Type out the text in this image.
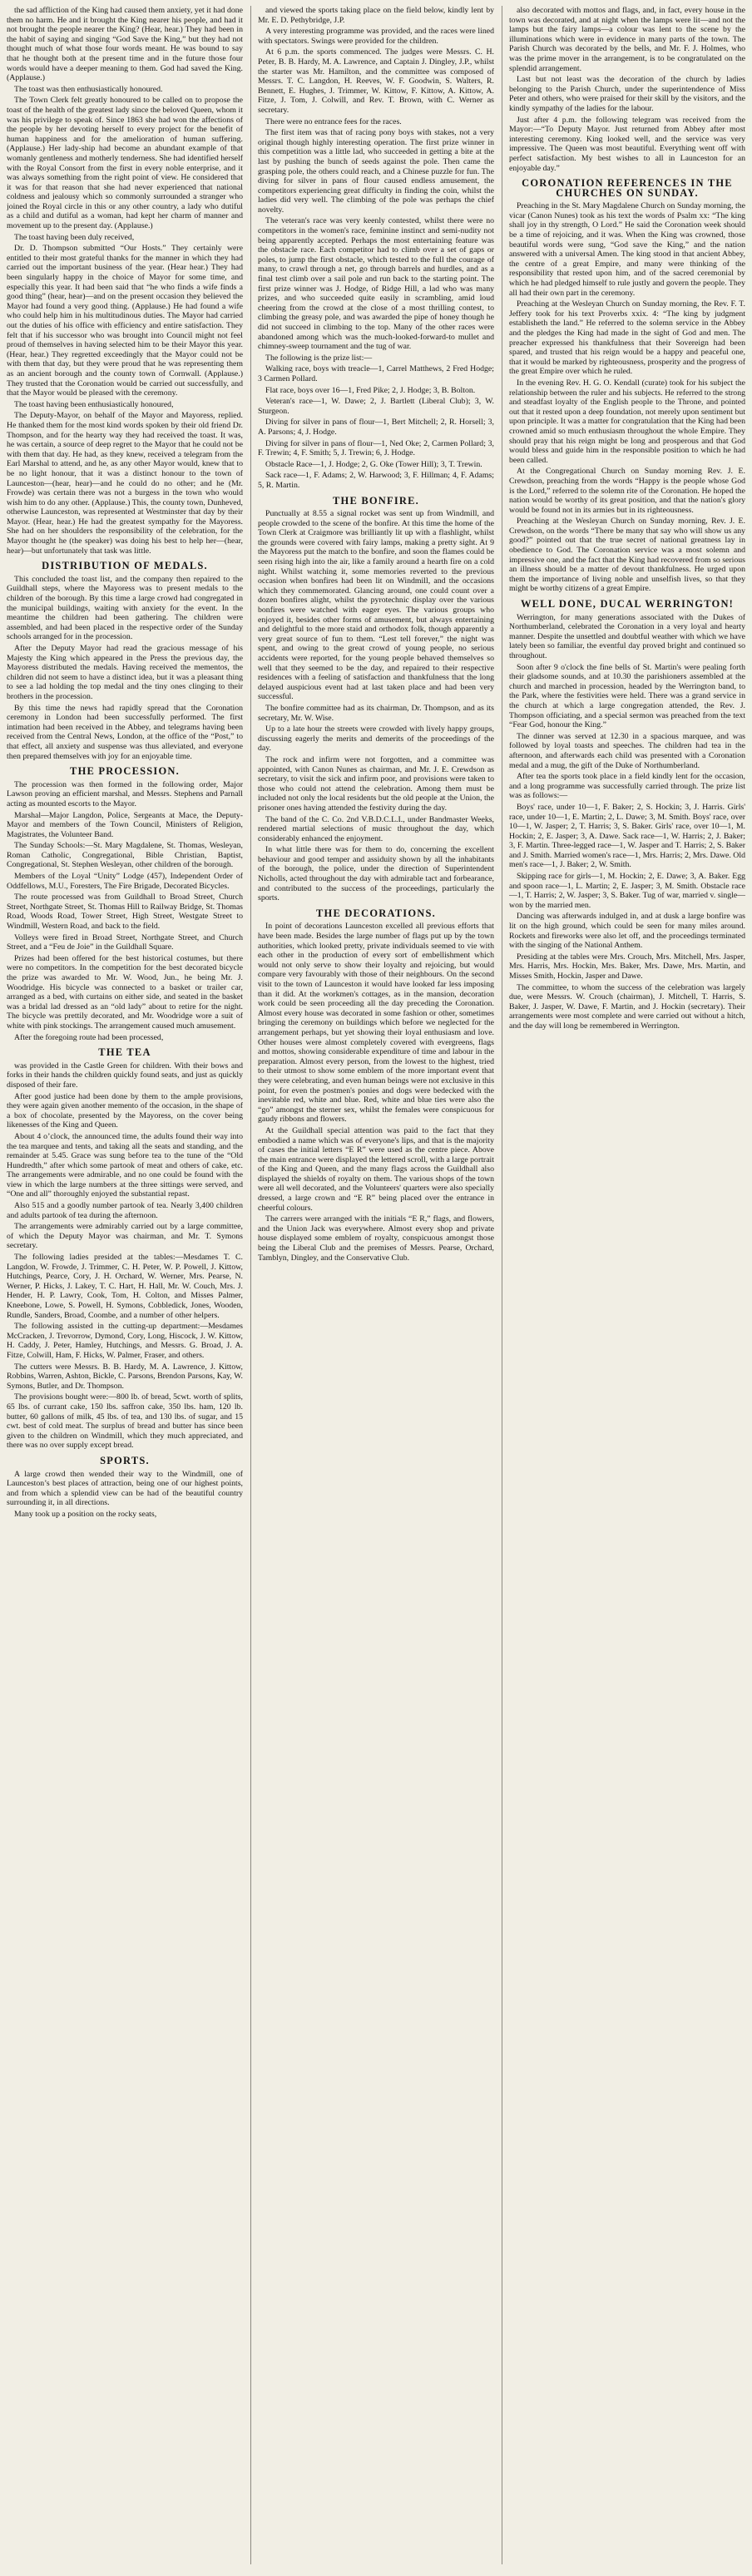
the sad affliction of the King had caused them anxiety, yet it had done them no harm. He and it brought the King nearer his people, and had it not brought the people nearer the King? (Hear, hear.) They had been in the habit of saying and singing “God Save the King,” but they had not thought much of what those four words meant. He was bound to say that he thought both at the present time and in the future those four words would have a deeper meaning to them. God had saved the King. (Applause.)

The toast was then enthusiastically honoured.

The Town Clerk felt greatly honoured to be called on to propose the toast of the health of the greatest lady since the beloved Queen, whom it was his privilege to speak of. Since 1863 she had won the affections of the people by her devoting herself to every project for the benefit of human happiness and for the amelioration of human suffering. (Applause.) Her lady-ship had become an abundant example of that womanly gentleness and motherly tenderness. She had identified herself with the Royal Consort from the first in every noble enterprise, and it was always something from the right point of view. He considered that it was for that reason that she had never experienced that national coldness and jealousy which so commonly surrounded a stranger who joined the Royal circle in this or any other country, a lady who dutiful as a child and dutiful as a woman, had kept her charm of manner and movement up to the present day. (Applause.)

The toast having been duly received,

Dr. D. Thompson submitted “Our Hosts.” They certainly were entitled to their most grateful thanks for the manner in which they had carried out the important business of the year. (Hear hear.) They had been singularly happy in the choice of Mayor for some time, and especially this year. It had been said that “he who finds a wife finds a good thing” (hear, hear)—and on the present occasion they believed the Mayor had found a very good thing. (Applause.) He had found a wife who could help him in his multitudinous duties. The Mayor had carried out the duties of his office with efficiency and entire satisfaction. They felt that if his successor who was brought into Council might not feel proud of themselves in having selected him to be their Mayor this year. (Hear, hear.) They regretted exceedingly that the Mayor could not be with them that day, but they were proud that he was representing them as an ancient borough and the county town of Cornwall. (Applause.) They trusted that the Coronation would be carried out successfully, and that the Mayor would be pleased with the ceremony.

The toast having been enthusiastically honoured,

The Deputy-Mayor, on behalf of the Mayor and Mayoress, replied. He thanked them for the most kind words spoken by their old friend Dr. Thompson, and for the hearty way they had received the toast. It was, he was certain, a source of deep regret to the Mayor that he could not be with them that day. He had, as they knew, received a telegram from the Earl Marshal to attend, and he, as any other Mayor would, knew that to be no light honour, that it was a distinct honour to the town of Launceston—(hear, hear)—and he could do no other; and he (Mr. Frowde) was certain there was not a burgess in the town who would wish him to do any other. (Applause.) This, the county town, Dunheved, otherwise Launceston, was represented at Westminster that day by their Mayor. (Hear, hear.) He had the greatest sympathy for the Mayoress. She had on her shoulders the responsibility of the celebration, for the Mayor thought he (the speaker) was doing his best to help her—(hear, hear)—but unfortunately that task was little.

DISTRIBUTION OF MEDALS.

This concluded the toast list, and the company then repaired to the Guildhall steps, where the Mayoress was to present medals to the children of the borough. By this time a large crowd had congregated in the municipal buildings, waiting with anxiety for the event. In the meantime the children had been gathering. The children were assembled, and had been placed in the respective order of the Sunday schools arranged for in the procession.

After the Deputy Mayor had read the gracious message of his Majesty the King which appeared in the Press the previous day, the Mayoress distributed the medals. Having received the mementos, the children did not seem to have a distinct idea, but it was a pleasant thing to see a lad holding the top medal and the tiny ones clinging to their brothers in the procession.

By this time the news had rapidly spread that the Coronation ceremony in London had been successfully performed. The first intimation had been received in the Abbey, and telegrams having been received from the Central News, London, at the office of the “Post,” to that effect, all anxiety and suspense was thus alleviated, and everyone then prepared themselves with joy for an enjoyable time.

THE PROCESSION.

The procession was then formed in the following order, Major Lawson proving an efficient marshal, and Messrs. Stephens and Parnall acting as mounted escorts to the Mayor.

Marshal—Major Langdon, Police, Sergeants at Mace, the Deputy-Mayor and members of the Town Council, Ministers of Religion, Magistrates, the Volunteer Band.

The Sunday Schools:—St. Mary Magdalene, St. Thomas, Wesleyan, Roman Catholic, Congregational, Bible Christian, Baptist, Congregational, St. Stephen Wesleyan, other children of the borough.

Members of the Loyal “Unity” Lodge (457), Independent Order of Oddfellows, M.U., Foresters, The Fire Brigade, Decorated Bicycles.

The route processed was from Guildhall to Broad Street, Church Street, Northgate Street, St. Thomas Hill to Railway Bridge, St. Thomas Road, Woods Road, Tower Street, High Street, Westgate Street to Windmill, Western Road, and back to the field.

Volleys were fired in Broad Street, Northgate Street, and Church Street, and a “Feu de Joie” in the Guildhall Square.

Prizes had been offered for the best historical costumes, but there were no competitors. In the competition for the best decorated bicycle the prize was awarded to Mr. W. Wood, Jun., he being Mr. J. Woodridge. His bicycle was connected to a basket or trailer car, arranged as a bed, with curtains on either side, and seated in the basket was a bridal lad dressed as an “old lady” about to retire for the night. The bicycle was prettily decorated, and Mr. Woodridge wore a suit of white with pink stockings. The arrangement caused much amusement.

After the foregoing route had been processed,

THE TEA

was provided in the Castle Green for children. With their bows and forks in their hands the children quickly found seats, and just as quickly disposed of their fare.

After good justice had been done by them to the ample provisions, they were again given another memento of the occasion, in the shape of a box of chocolate, presented by the Mayoress, on the cover being likenesses of the King and Queen.

About 4 o’clock, the announced time, the adults found their way into the tea marquee and tents, and taking all the seats and standing, and the remainder at 5.45. Grace was sung before tea to the tune of the “Old Hundredth,” after which some partook of meat and others of cake, etc. The arrangements were admirable, and no one could be found with the view in which the large numbers at the three sittings were served, and “One and all” thoroughly enjoyed the substantial repast.

Also 515 and a goodly number partook of tea. Nearly 3,400 children and adults partook of tea during the afternoon.

The arrangements were admirably carried out by a large committee, of which the Deputy Mayor was chairman, and Mr. T. Symons secretary.

The following ladies presided at the tables:—Mesdames T. C. Langdon, W. Frowde, J. Trimmer, C. H. Peter, W. P. Powell, J. Kittow, Hutchings, Pearce, Cory, J. H. Orchard, W. Werner, Mrs. Pearse, N. Werner, P. Hicks, J. Lakey, T. C. Hart, H. Hall, Mr. W. Couch, Mrs. J. Hender, H. P. Lawry, Cook, Tom, H. Colton, and Misses Palmer, Kneebone, Lowe, S. Powell, H. Symons, Cobbledick, Jones, Wooden, Rundle, Sanders, Broad, Coombe, and a number of other helpers.

The following assisted in the cutting-up department:—Mesdames McCracken, J. Trevorrow, Dymond, Cory, Long, Hiscock, J. W. Kittow, H. Caddy, J. Peter, Hamley, Hutchings, and Messrs. G. Broad, J. A. Fitze, Colwill, Ham, F. Hicks, W. Palmer, Fraser, and others.

The cutters were Messrs. B. B. Hardy, M. A. Lawrence, J. Kittow, Robbins, Warren, Ashton, Bickle, C. Parsons, Brendon Parsons, Kay, W. Symons, Butler, and Dr. Thompson.

The provisions bought were:—800 lb. of bread, 5cwt. worth of splits, 65 lbs. of currant cake, 150 lbs. saffron cake, 350 lbs. ham, 120 lb. butter, 60 gallons of milk, 45 lbs. of tea, and 130 lbs. of sugar, and 15 cwt. best of cold meat. The surplus of bread and butter has since been given to the children on Windmill, which they much appreciated, and there was no over supply except bread.

SPORTS.

A large crowd then wended their way to the Windmill, one of Launceston’s best places of attraction, being one of our highest points, and from which a splendid view can be had of the beautiful country surrounding it, in all directions.

Many took up a position on the rocky seats,

and viewed the sports taking place on the field below, kindly lent by Mr. E. D. Pethybridge, J.P.

A very interesting programme was provided, and the races were lined with spectators. Swings were provided for the children.

At 6 p.m. the sports commenced. The judges were Messrs. C. H. Peter, B. B. Hardy, M. A. Lawrence, and Captain J. Dingley, J.P., whilst the starter was Mr. Hamilton, and the committee was composed of Messrs. T. C. Langdon, H. Reeves, W. F. Goodwin, S. Walters, R. Bennett, E. Hughes, J. Trimmer, W. Kittow, F. Kittow, A. Kittow, A. Fitze, J. Tom, J. Colwill, and Rev. T. Brown, with C. Werner as secretary.

There were no entrance fees for the races.

The first item was that of racing pony boys with stakes, not a very original though highly interesting operation. The first prize winner in this competition was a little lad, who succeeded in getting a bite at the last by pushing the bunch of seeds against the pole. Then came the grasping pole, the others could reach, and a Chinese puzzle for fun. The diving for silver in pans of flour caused endless amusement, the competitors experiencing great difficulty in finding the coin, whilst the ladies did very well. The climbing of the pole was perhaps the chief novelty.

The veteran's race was very keenly contested, whilst there were no competitors in the women's race, feminine instinct and semi-nudity not being apparently accepted. Perhaps the most entertaining feature was the obstacle race. Each competitor had to climb over a set of gaps or poles, to jump the first obstacle, which tested to the full the courage of many, to crawl through a net, go through barrels and hurdles, and as a final test climb over a sail pole and run back to the starting point. The first prize winner was J. Hodge, of Ridge Hill, a lad who was many prizes, and who succeeded quite easily in scrambling, amid loud cheering from the crowd at the close of a most thrilling contest, to climbing the greasy pole, and was awarded the pipe of honey though he did not succeed in climbing to the top. Many of the other races were abandoned among which was the much-looked-forward-to mullet and chimney-sweep tournament and the tug of war.

The following is the prize list:—

Walking race, boys with treacle—1, Carrel Matthews, 2 Fred Hodge; 3 Carmen Pollard.

Flat race, boys over 16—1, Fred Pike; 2, J. Hodge; 3, B. Bolton.

Veteran's race—1, W. Dawe; 2, J. Bartlett (Liberal Club); 3, W. Sturgeon.

Diving for silver in pans of flour—1, Bert Mitchell; 2, R. Horsell; 3, A. Parsons; 4, J. Hodge.

Diving for silver in pans of flour—1, Ned Oke; 2, Carmen Pollard; 3, F. Trewin; 4, F. Smith; 5, J. Trewin; 6, J. Hodge.

Obstacle Race—1, J. Hodge; 2, G. Oke (Tower Hill); 3, T. Trewin.

Sack race—1, F. Adams; 2, W. Harwood; 3, F. Hillman; 4, F. Adams; 5, R. Martin.

THE BONFIRE.

Punctually at 8.55 a signal rocket was sent up from Windmill, and people crowded to the scene of the bonfire. At this time the home of the Town Clerk at Craigmore was brilliantly lit up with a flashlight, whilst the grounds were covered with fairy lamps, making a pretty sight. At 9 the Mayoress put the match to the bonfire, and soon the flames could be seen rising high into the air, like a family around a hearth fire on a cold night. Whilst watching it, some memories reverted to the previous occasion when bonfires had been lit on Windmill, and the occasions which they commemorated. Glancing around, one could count over a dozen bonfires alight, whilst the pyrotechnic display over the various bonfires were watched with eager eyes. The various groups who enjoyed it, besides other forms of amusement, but always entertaining and delightful to the more staid and orthodox folk, though apparently a very great source of fun to them. “Lest tell forever,” the night was spent, and owing to the great crowd of young people, no serious accidents were reported, for the young people behaved themselves so well that they seemed to be the day, and repaired to their respective residences with a feeling of satisfaction and thankfulness that the long delayed auspicious event had at last taken place and had been very successful.

The bonfire committee had as its chairman, Dr. Thompson, and as its secretary, Mr. W. Wise.

Up to a late hour the streets were crowded with lively happy groups, discussing eagerly the merits and demerits of the proceedings of the day.

The rock and infirm were not forgotten, and a committee was appointed, with Canon Nunes as chairman, and Mr. J. E. Crewdson as secretary, to visit the sick and infirm poor, and provisions were taken to those who could not attend the celebration. Among them must be included not only the local residents but the old people at the Union, the prisoner ones having attended the festivity during the day.

The band of the C. Co. 2nd V.B.D.C.L.I., under Bandmaster Weeks, rendered martial selections of music throughout the day, which considerably enhanced the enjoyment.

In what little there was for them to do, concerning the excellent behaviour and good temper and assiduity shown by all the inhabitants of the borough, the police, under the direction of Superintendent Nicholls, acted throughout the day with admirable tact and forbearance, and contributed to the success of the proceedings, particularly the sports.

THE DECORATIONS.

In point of decorations Launceston excelled all previous efforts that have been made. Besides the large number of flags put up by the town authorities, which looked pretty, private individuals seemed to vie with each other in the production of every sort of embellishment which would not only serve to show their loyalty and rejoicing, but would compare very favourably with those of their neighbours. On the second visit to the town of Launceston it would have looked far less imposing than it did. At the workmen's cottages, as in the mansion, decoration work could be seen proceeding all the day preceding the Coronation. Almost every house was decorated in some fashion or other, sometimes bringing the ceremony on buildings which before we neglected for the arrangement perhaps, but yet showing their loyal enthusiasm and love. Other houses were almost completely covered with evergreens, flags and mottos, showing considerable expenditure of time and labour in the preparation. Almost every person, from the lowest to the highest, tried to their utmost to show some emblem of the more important event that they were celebrating, and even human beings were not exclusive in this point, for even the postmen's ponies and dogs were bedecked with the inevitable red, white and blue. Red, white and blue ties were also the “go” amongst the sterner sex, whilst the females were conspicuous for gaudy ribbons and flowers.

At the Guildhall special attention was paid to the fact that they embodied a name which was of everyone's lips, and that is the majority of cases the initial letters “E R” were used as the centre piece. Above the main entrance were displayed the lettered scroll, with a large portrait of the King and Queen, and the many flags across the Guildhall also displayed the shields of royalty on them. The various shops of the town were all well decorated, and the Volunteers' quarters were also specially dressed, a large crown and “E R” being placed over the entrance in cheerful colours.

The carrers were arranged with the initials “E R,” flags, and flowers, and the Union Jack was everywhere. Almost every shop and private house displayed some emblem of royalty, conspicuous amongst those being the Liberal Club and the premises of Messrs. Pearse, Orchard, Tamblyn, Dingley, and the Conservative Club.

also decorated with mottos and flags, and, in fact, every house in the town was decorated, and at night when the lamps were lit—and not the lamps but the fairy lamps—a colour was lent to the scene by the illuminations which were in evidence in many parts of the town. The Parish Church was decorated by the bells, and Mr. F. J. Holmes, who was the prime mover in the arrangement, is to be congratulated on the splendid arrangement.

Last but not least was the decoration of the church by ladies belonging to the Parish Church, under the superintendence of Miss Peter and others, who were praised for their skill by the visitors, and the kindly sympathy of the ladies for the labour.

Just after 4 p.m. the following telegram was received from the Mayor:—“To Deputy Mayor. Just returned from Abbey after most interesting ceremony. King looked well, and the service was very impressive. The Queen was most beautiful. Everything went off with perfect satisfaction. My best wishes to all in Launceston for an enjoyable day.”

CORONATION REFERENCES IN THE CHURCHES ON SUNDAY.

Preaching in the St. Mary Magdalene Church on Sunday morning, the vicar (Canon Nunes) took as his text the words of Psalm xx: “The king shall joy in thy strength, O Lord.” He said the Coronation week should be a time of rejoicing, and it was. When the King was crowned, those beautiful words were sung, “God save the King,” and the nation answered with a universal Amen. The king stood in that ancient Abbey, the centre of a great Empire, and many were thinking of the responsibility that rested upon him, and of the sacred ceremonial by which he had pledged himself to rule justly and govern the people. They all had their own part in the ceremony.

Preaching at the Wesleyan Church on Sunday morning, the Rev. F. T. Jeffery took for his text Proverbs xxix. 4: “The king by judgment establisheth the land.” He referred to the solemn service in the Abbey and the pledges the King had made in the sight of God and men. The preacher expressed his thankfulness that their Sovereign had been spared, and trusted that his reign would be a happy and peaceful one, that it would be marked by righteousness, prosperity and the progress of the great Empire over which he ruled.

In the evening Rev. H. G. O. Kendall (curate) took for his subject the relationship between the ruler and his subjects. He referred to the strong and steadfast loyalty of the English people to the Throne, and pointed out that it rested upon a deep foundation, not merely upon sentiment but upon principle. It was a matter for congratulation that the King had been crowned amid so much enthusiasm throughout the whole Empire. They should pray that his reign might be long and prosperous and that God would bless and guide him in the responsible position to which he had been called.

At the Congregational Church on Sunday morning Rev. J. E. Crewdson, preaching from the words “Happy is the people whose God is the Lord,” referred to the solemn rite of the Coronation. He hoped the nation would be worthy of its great position, and that the nation's glory would be found not in its armies but in its righteousness.

Preaching at the Wesleyan Church on Sunday morning, Rev. J. E. Crewdson, on the words “There be many that say who will show us any good?” pointed out that the true secret of national greatness lay in obedience to God. The Coronation service was a most solemn and impressive one, and the fact that the King had recovered from so serious an illness should be a matter of devout thankfulness. He urged upon them the importance of living noble and unselfish lives, so that they might be worthy citizens of a great Empire.

WELL DONE, DUCAL WERRINGTON!

Werrington, for many generations associated with the Dukes of Northumberland, celebrated the Coronation in a very loyal and hearty manner. Despite the unsettled and doubtful weather with which we have lately been so familiar, the eventful day proved bright and continued so throughout.

Soon after 9 o'clock the fine bells of St. Martin's were pealing forth their gladsome sounds, and at 10.30 the parishioners assembled at the church and marched in procession, headed by the Werrington band, to the Park, where the festivities were held. There was a grand service in the church at which a large congregation attended, the Rev. J. Thompson officiating, and a special sermon was preached from the text “Fear God, honour the King.”

The dinner was served at 12.30 in a spacious marquee, and was followed by loyal toasts and speeches. The children had tea in the afternoon, and afterwards each child was presented with a Coronation medal and a mug, the gift of the Duke of Northumberland.

After tea the sports took place in a field kindly lent for the occasion, and a long programme was successfully carried through. The prize list was as follows:—

Boys' race, under 10—1, F. Baker; 2, S. Hockin; 3, J. Harris. Girls' race, under 10—1, E. Martin; 2, L. Dawe; 3, M. Smith. Boys' race, over 10—1, W. Jasper; 2, T. Harris; 3, S. Baker. Girls' race, over 10—1, M. Hockin; 2, E. Jasper; 3, A. Dawe. Sack race—1, W. Harris; 2, J. Baker; 3, F. Martin. Three-legged race—1, W. Jasper and T. Harris; 2, S. Baker and J. Smith. Married women's race—1, Mrs. Harris; 2, Mrs. Dawe. Old men's race—1, J. Baker; 2, W. Smith.

Skipping race for girls—1, M. Hockin; 2, E. Dawe; 3, A. Baker. Egg and spoon race—1, L. Martin; 2, E. Jasper; 3, M. Smith. Obstacle race—1, T. Harris; 2, W. Jasper; 3, S. Baker. Tug of war, married v. single—won by the married men.

Dancing was afterwards indulged in, and at dusk a large bonfire was lit on the high ground, which could be seen for many miles around. Rockets and fireworks were also let off, and the proceedings terminated with the singing of the National Anthem.

Presiding at the tables were Mrs. Crouch, Mrs. Mitchell, Mrs. Jasper, Mrs. Harris, Mrs. Hockin, Mrs. Baker, Mrs. Dawe, Mrs. Martin, and Misses Smith, Hockin, Jasper and Dawe.

The committee, to whom the success of the celebration was largely due, were Messrs. W. Crouch (chairman), J. Mitchell, T. Harris, S. Baker, J. Jasper, W. Dawe, F. Martin, and J. Hockin (secretary). Their arrangements were most complete and were carried out without a hitch, and the day will long be remembered in Werrington.
